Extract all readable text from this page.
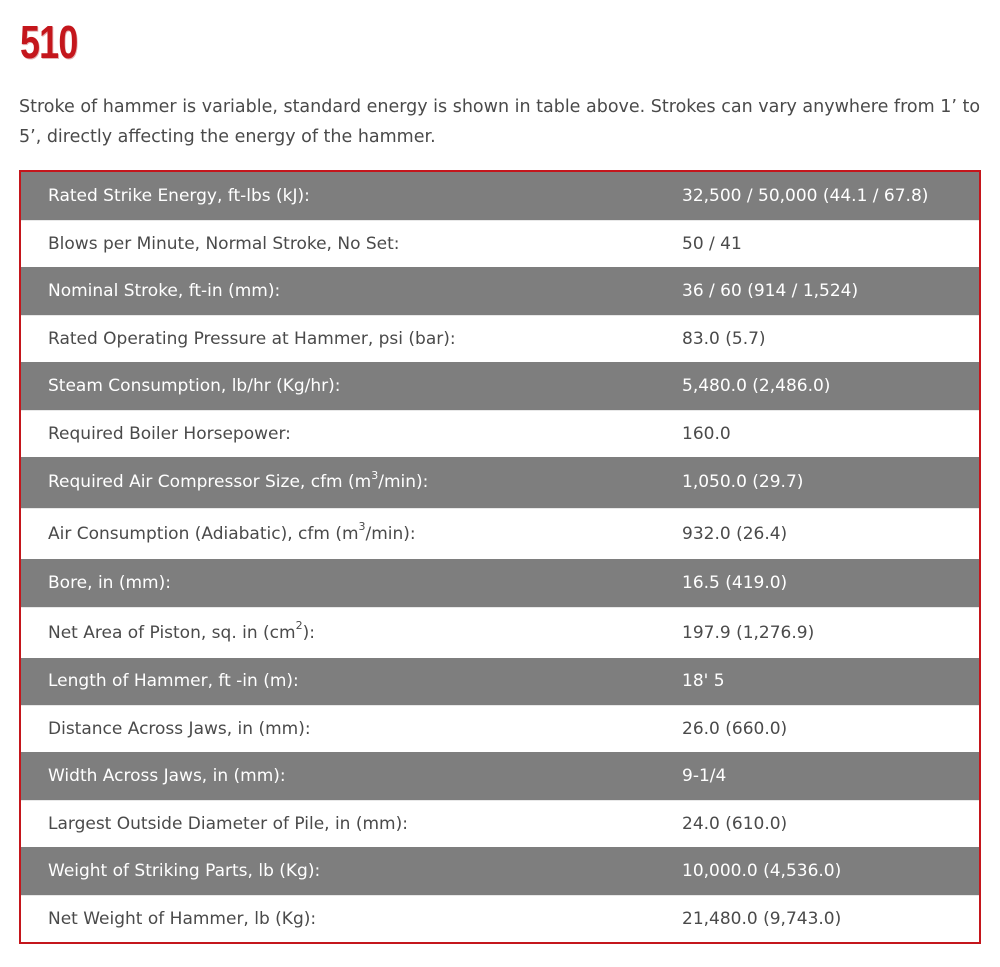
510

Stroke of hammer is variable, standard energy is shown in table above. Strokes can vary anywhere from 1’ to 5’, directly affecting the energy of the hammer.

Rated Strike Energy, ft-lbs (kJ):	32,500 / 50,000 (44.1 / 67.8)
Blows per Minute, Normal Stroke, No Set:	50 / 41
Nominal Stroke, ft-in (mm):	36 / 60 (914 / 1,524)
Rated Operating Pressure at Hammer, psi (bar):	83.0 (5.7)
Steam Consumption, lb/hr (Kg/hr):	5,480.0 (2,486.0)
Required Boiler Horsepower:	160.0
Required Air Compressor Size, cfm $(m^3/\min)$:	1,050.0 (29.7)
Air Consumption (Adiabatic), cfm $(m^3/\min)$:	932.0 (26.4)
Bore, in (mm):	16.5 (419.0)
Net Area of Piston, sq. in $(cm^2)$:	197.9 (1,276.9)
Length of Hammer, ft -in (m):	18' 5
Distance Across Jaws, in (mm):	26.0 (660.0)
Width Across Jaws, in (mm):	9-1/4
Largest Outside Diameter of Pile, in (mm):	24.0 (610.0)
Weight of Striking Parts, lb (Kg):	10,000.0 (4,536.0)
Net Weight of Hammer, lb (Kg):	21,480.0 (9,743.0)
